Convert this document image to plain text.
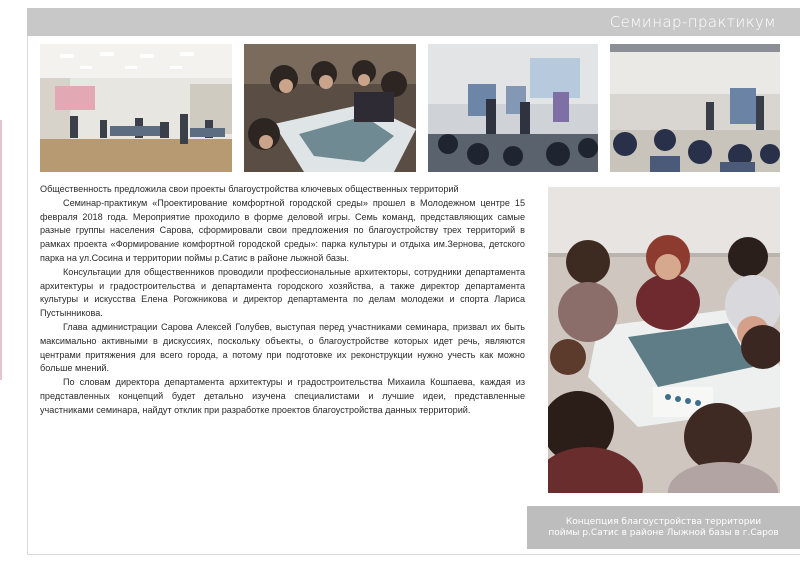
Семинар-практикум

Общественность предложила свои проекты благоустройства ключевых общественных территорий

Семинар-практикум «Проектирование комфортной городской среды» прошел в Молодежном центре 15 февраля 2018 года. Мероприятие проходило в форме деловой игры. Семь команд, представляющих самые разные группы населения Сарова, сформировали свои предложения по благоустройству трех территорий в рамках проекта «Формирование комфортной городской среды»: парка культуры и отдыха им.Зернова, детского парка на ул.Сосина и территории поймы р.Сатис в районе лыжной базы.

Консультации для общественников проводили профессиональные архитекторы, сотрудники департамента архитектуры и градостроительства и департамента городского хозяйства, а также директор департамента культуры и искусства Елена Рогожникова и директор департамента по делам молодежи и спорта Лариса Пустынникова.

Глава администрации Сарова Алексей Голубев, выступая перед участниками семинара, призвал их быть максимально активными в дискуссиях, поскольку объекты, о благоустройстве которых идет речь, являются центрами притяжения для всего города, а потому при подготовке их реконструкции нужно учесть как можно больше мнений.

По словам директора департамента архитектуры и градостроительства Михаила Кошпаева, каждая из представленных концепций будет детально изучена специалистами и лучшие идеи, представленные участниками семинара, найдут отклик при разработке проектов благоустройства данных территорий.

Концепция благоустройства территории
поймы р.Сатис в районе Лыжной базы в г.Саров
